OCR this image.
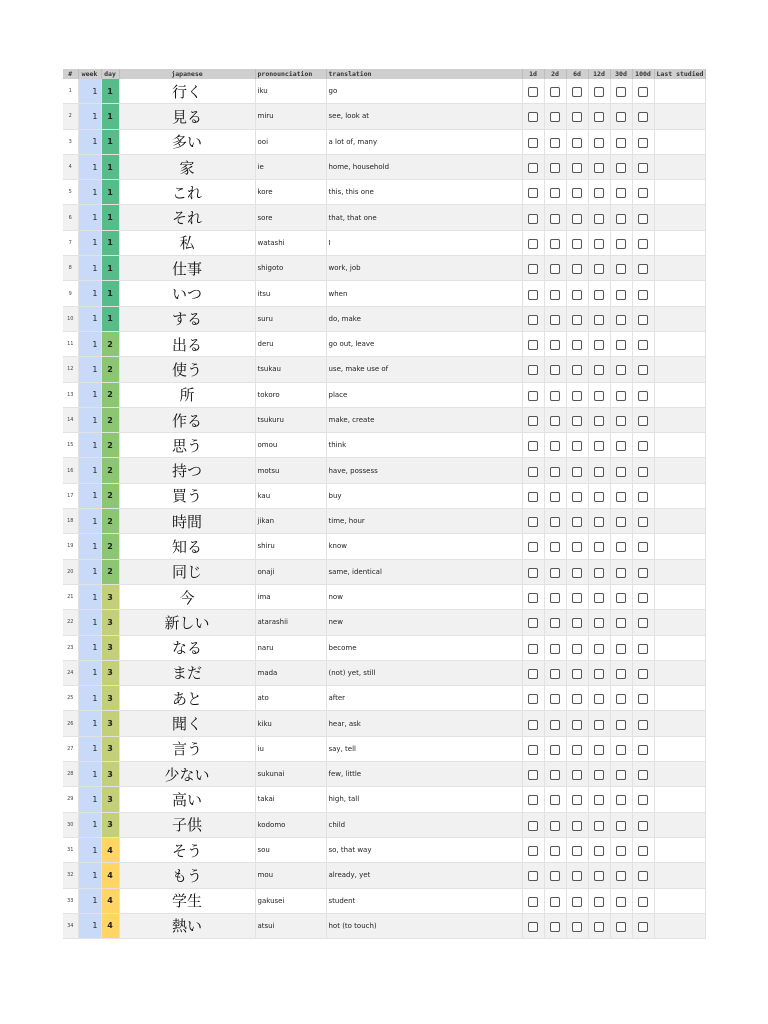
#	week	day	japanese	pronounciation	translation	1d	2d	6d	12d	30d	100d	Last studied
1	1	1	行く	iku	go							
2	1	1	見る	miru	see, look at							
3	1	1	多い	ooi	a lot of, many							
4	1	1	家	ie	home, household							
5	1	1	これ	kore	this, this one							
6	1	1	それ	sore	that, that one							
7	1	1	私	watashi	I							
8	1	1	仕事	shigoto	work, job							
9	1	1	いつ	itsu	when							
10	1	1	する	suru	do, make							
11	1	2	出る	deru	go out, leave							
12	1	2	使う	tsukau	use, make use of							
13	1	2	所	tokoro	place							
14	1	2	作る	tsukuru	make, create							
15	1	2	思う	omou	think							
16	1	2	持つ	motsu	have, possess							
17	1	2	買う	kau	buy							
18	1	2	時間	jikan	time, hour							
19	1	2	知る	shiru	know							
20	1	2	同じ	onaji	same, identical							
21	1	3	今	ima	now							
22	1	3	新しい	atarashii	new							
23	1	3	なる	naru	become							
24	1	3	まだ	mada	(not) yet, still							
25	1	3	あと	ato	after							
26	1	3	聞く	kiku	hear, ask							
27	1	3	言う	iu	say, tell							
28	1	3	少ない	sukunai	few, little							
29	1	3	高い	takai	high, tall							
30	1	3	子供	kodomo	child							
31	1	4	そう	sou	so, that way							
32	1	4	もう	mou	already, yet							
33	1	4	学生	gakusei	student							
34	1	4	熱い	atsui	hot (to touch)							
